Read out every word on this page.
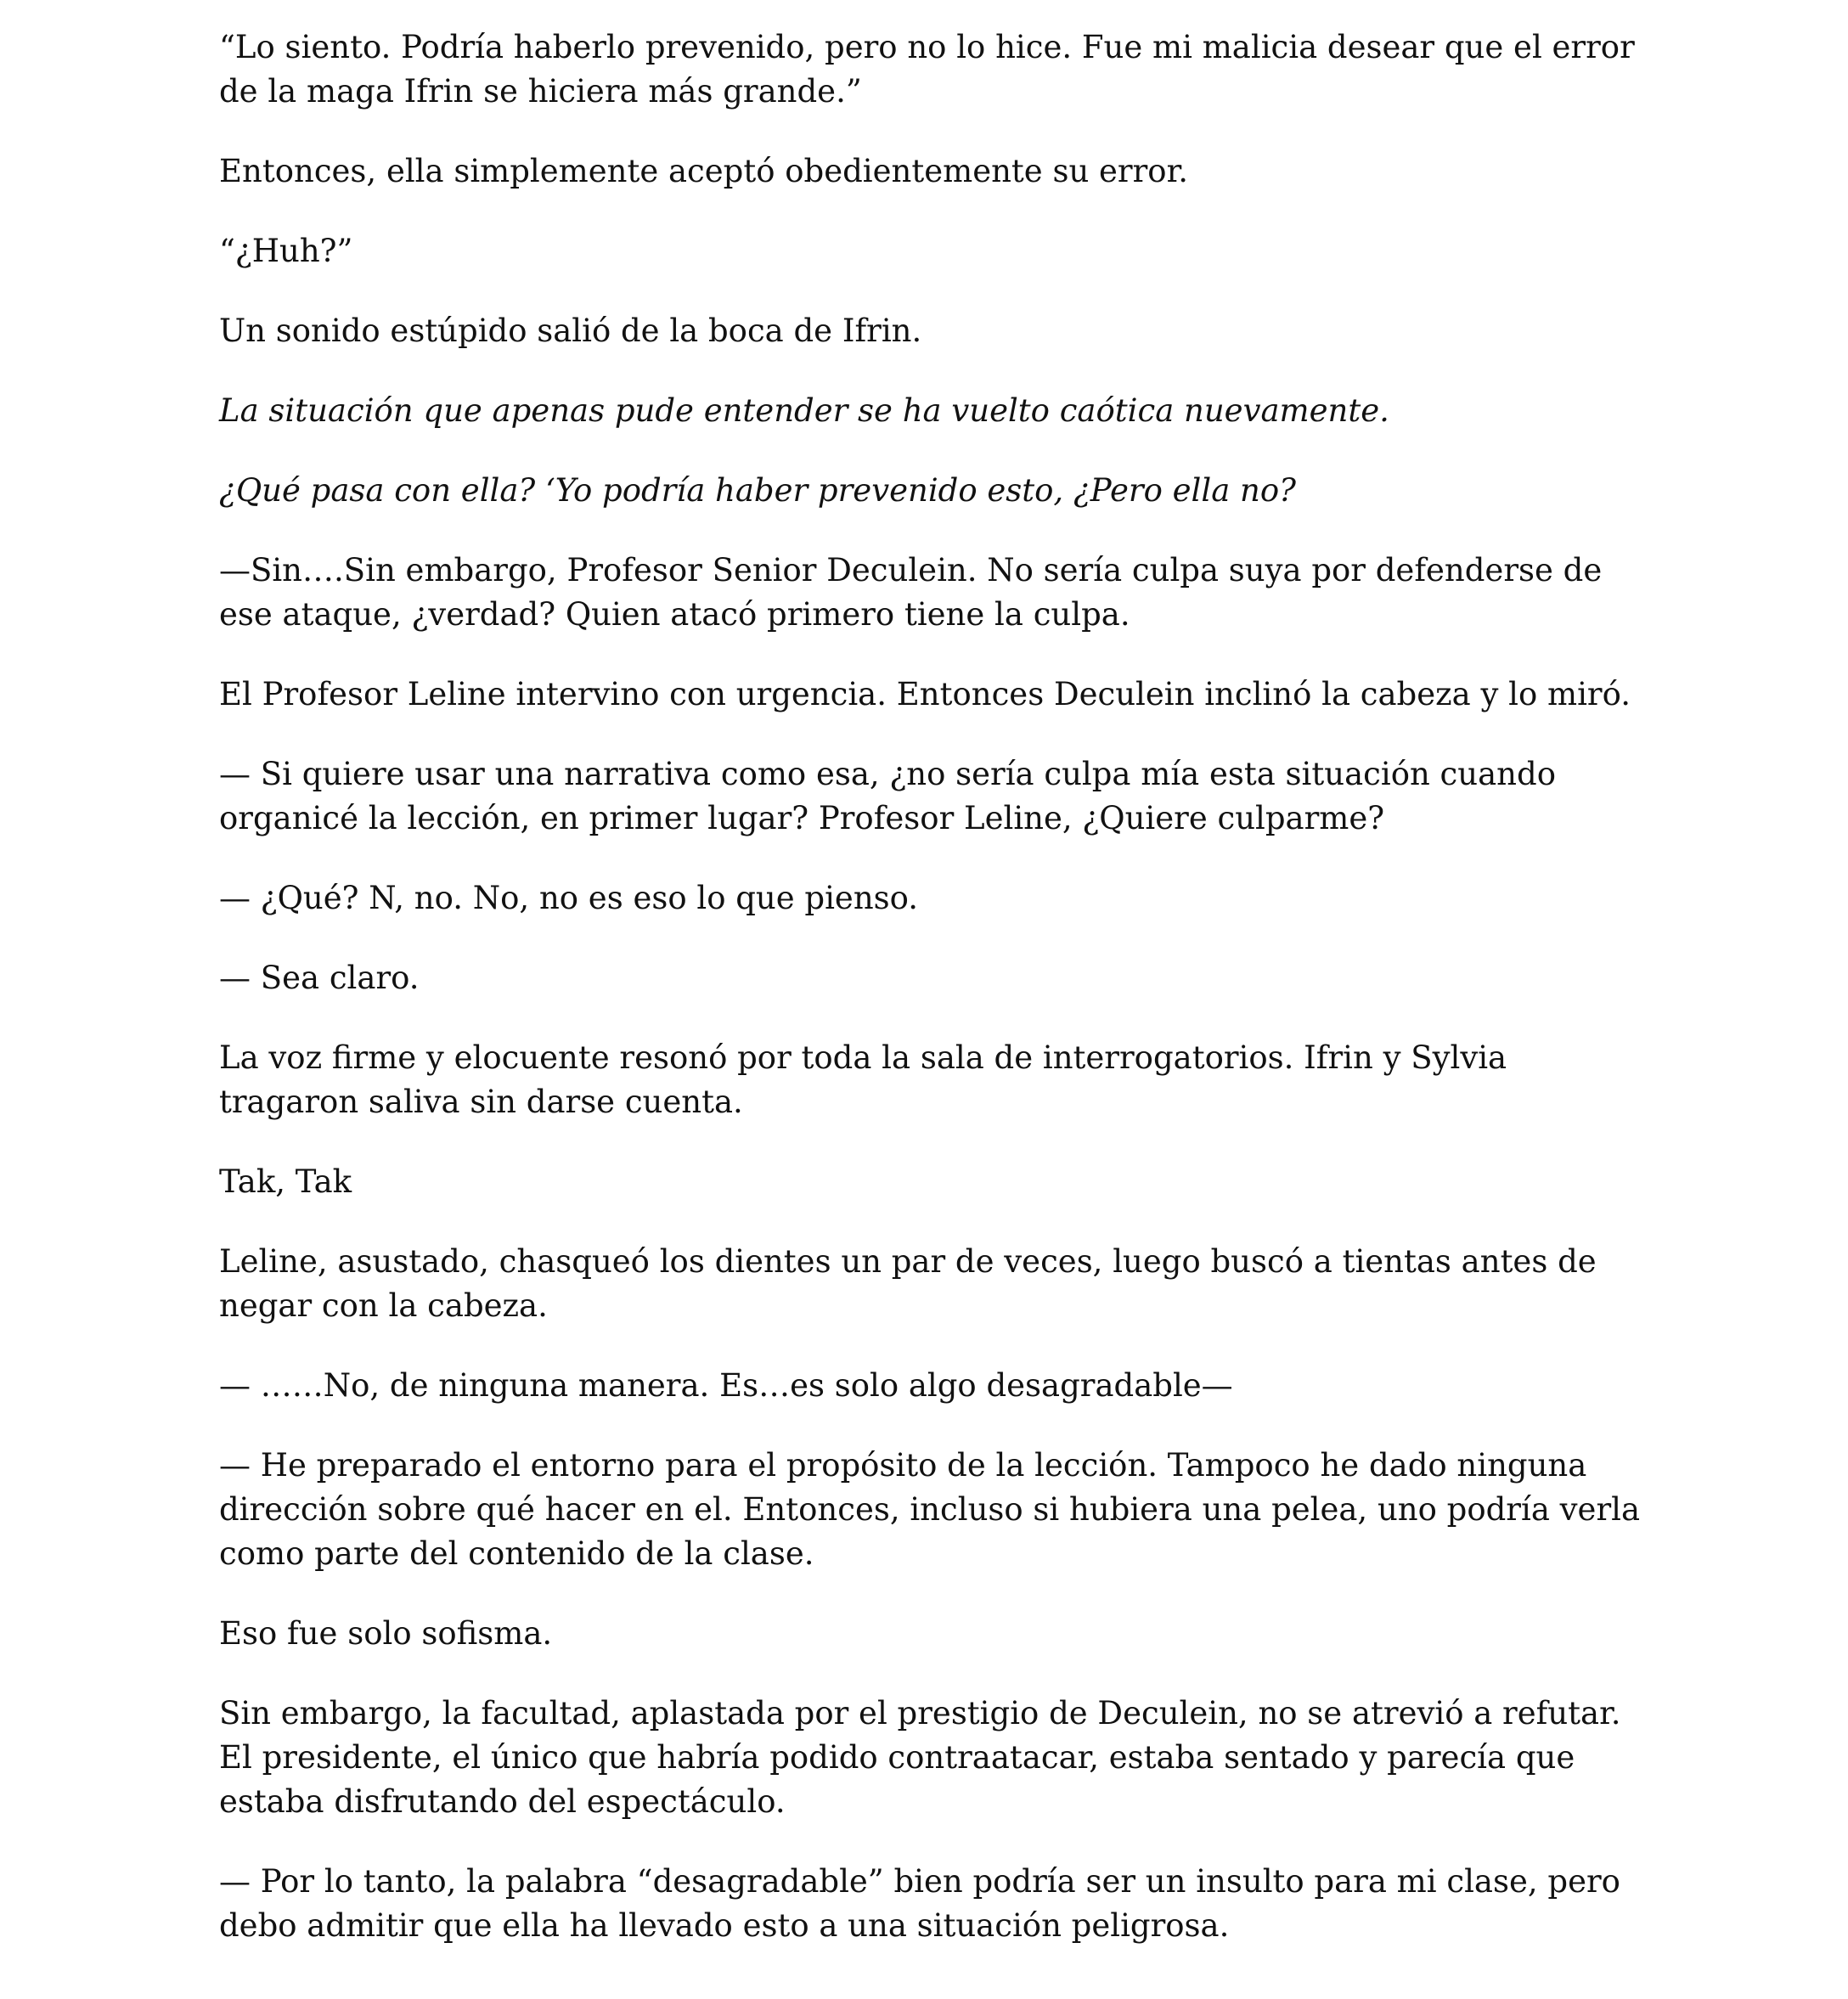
“Lo siento. Podría haberlo prevenido, pero no lo hice. Fue mi malicia desear que el error de la maga Ifrin se hiciera más grande.”

Entonces, ella simplemente aceptó obedientemente su error.

“¿Huh?”

Un sonido estúpido salió de la boca de Ifrin.

La situación que apenas pude entender se ha vuelto caótica nuevamente.

¿Qué pasa con ella? ‘Yo podría haber prevenido esto, ¿Pero ella no?

—Sin….Sin embargo, Profesor Senior Deculein. No sería culpa suya por defenderse de ese ataque, ¿verdad? Quien atacó primero tiene la culpa.

El Profesor Leline intervino con urgencia. Entonces Deculein inclinó la cabeza y lo miró.

— Si quiere usar una narrativa como esa, ¿no sería culpa mía esta situación cuando organicé la lección, en primer lugar? Profesor Leline, ¿Quiere culparme?

— ¿Qué? N, no. No, no es eso lo que pienso.

— Sea claro.

La voz firme y elocuente resonó por toda la sala de interrogatorios. Ifrin y Sylvia tragaron saliva sin darse cuenta.

Tak, Tak

Leline, asustado, chasqueó los dientes un par de veces, luego buscó a tientas antes de negar con la cabeza.

— ……No, de ninguna manera. Es…es solo algo desagradable—

— He preparado el entorno para el propósito de la lección. Tampoco he dado ninguna dirección sobre qué hacer en el. Entonces, incluso si hubiera una pelea, uno podría verla como parte del contenido de la clase.

Eso fue solo sofisma.

Sin embargo, la facultad, aplastada por el prestigio de Deculein, no se atrevió a refutar. El presidente, el único que habría podido contraatacar, estaba sentado y parecía que estaba disfrutando del espectáculo.

— Por lo tanto, la palabra “desagradable” bien podría ser un insulto para mi clase, pero debo admitir que ella ha llevado esto a una situación peligrosa.
